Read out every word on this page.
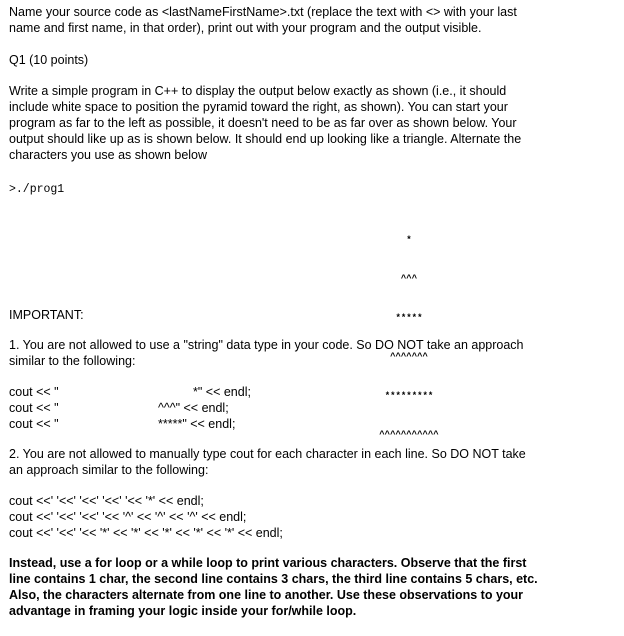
Name your source code as <lastNameFirstName>.txt (replace the text with <> with your last
name and first name, in that order), print out with your program and the output visible.

Q1 (10 points)

Write a simple program in C++ to display the output below exactly as shown (i.e., it should
include white space to position the pyramid toward the right, as shown). You can start your
program as far to the left as possible, it doesn't need to be as far over as shown below. Your
output should like up as is shown below. It should end up looking like a triangle. Alternate the
characters you use as shown below

>./prog1

*

^^^

*****

^^^^^^^

*********

^^^^^^^^^^^

IMPORTANT:

1. You are not allowed to use a "string" data type in your code. So DO NOT take an approach
similar to the following:

cout << "

	*" << endl;

cout << "

	^^^" << endl;

cout << "

	*****" << endl;

2. You are not allowed to manually type cout for each character in each line. So DO NOT take
an approach similar to the following:

cout <<' '<<' '<<' '<<' '<< '*' << endl;
cout <<' '<<' '<<' '<< '^' << '^' << '^' << endl;
cout <<' '<<' '<< '*' << '*' << '*' << '*' << '*' << endl;

Instead, use a for loop or a while loop to print various characters. Observe that the first
line contains 1 char, the second line contains 3 chars, the third line contains 5 chars, etc.
Also, the characters alternate from one line to another. Use these observations to your
advantage in framing your logic inside your for/while loop.
